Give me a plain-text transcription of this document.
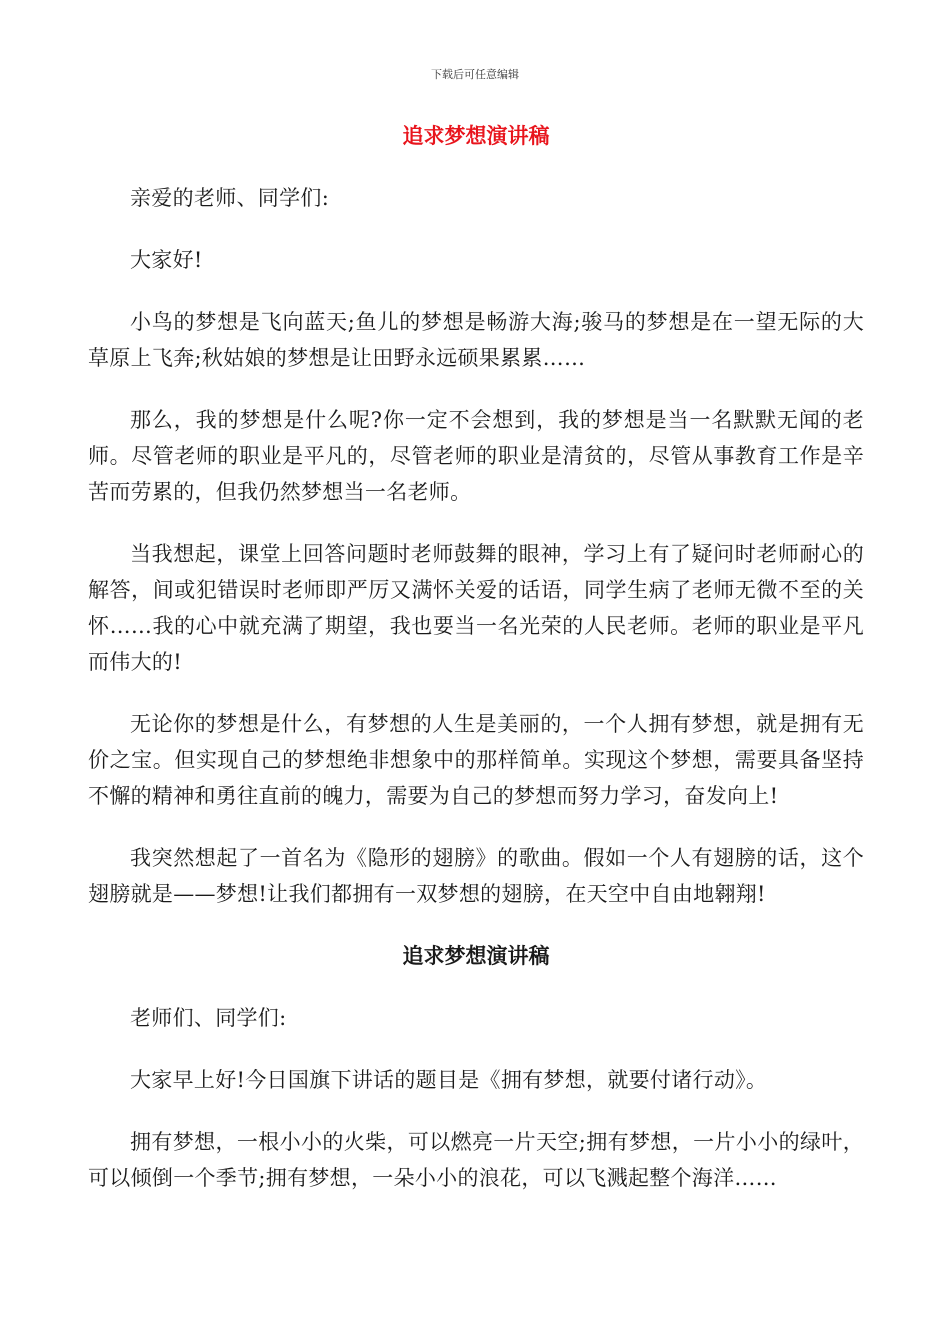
下载后可任意编辑
追求梦想演讲稿

亲爱的老师、同学们:

大家好!

小鸟的梦想是飞向蓝天;鱼儿的梦想是畅游大海;骏马的梦想是在一望无际的大草原上飞奔;秋姑娘的梦想是让田野永远硕果累累……

那么，我的梦想是什么呢?你一定不会想到，我的梦想是当一名默默无闻的老师。尽管老师的职业是平凡的，尽管老师的职业是清贫的，尽管从事教育工作是辛苦而劳累的，但我仍然梦想当一名老师。

当我想起，课堂上回答问题时老师鼓舞的眼神，学习上有了疑问时老师耐心的解答，间或犯错误时老师即严厉又满怀关爱的话语，同学生病了老师无微不至的关怀……我的心中就充满了期望，我也要当一名光荣的人民老师。老师的职业是平凡而伟大的!

无论你的梦想是什么，有梦想的人生是美丽的，一个人拥有梦想，就是拥有无价之宝。但实现自己的梦想绝非想象中的那样简单。实现这个梦想，需要具备坚持不懈的精神和勇往直前的魄力，需要为自己的梦想而努力学习，奋发向上!

我突然想起了一首名为《隐形的翅膀》的歌曲。假如一个人有翅膀的话，这个翅膀就是——梦想!让我们都拥有一双梦想的翅膀，在天空中自由地翱翔!

追求梦想演讲稿

老师们、同学们:

大家早上好!今日国旗下讲话的题目是《拥有梦想，就要付诸行动》。

拥有梦想，一根小小的火柴，可以燃亮一片天空;拥有梦想，一片小小的绿叶，可以倾倒一个季节;拥有梦想，一朵小小的浪花，可以飞溅起整个海洋……
